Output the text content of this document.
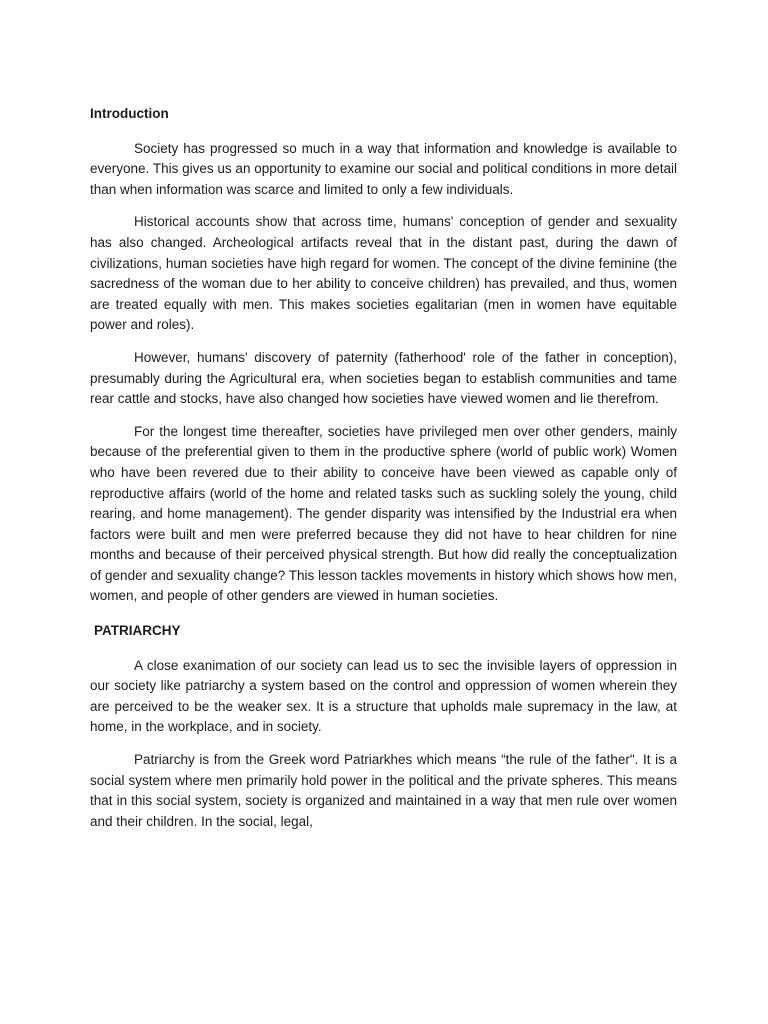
Introduction

Society has progressed so much in a way that information and knowledge is available to everyone. This gives us an opportunity to examine our social and political conditions in more detail than when information was scarce and limited to only a few individuals.

Historical accounts show that across time, humans' conception of gender and sexuality has also changed. Archeological artifacts reveal that in the distant past, during the dawn of civilizations, human societies have high regard for women. The concept of the divine feminine (the sacredness of the woman due to her ability to conceive children) has prevailed, and thus, women are treated equally with men. This makes societies egalitarian (men in women have equitable power and roles).

However, humans' discovery of paternity (fatherhood' role of the father in conception), presumably during the Agricultural era, when societies began to establish communities and tame rear cattle and stocks, have also changed how societies have viewed women and lie therefrom.

For the longest time thereafter, societies have privileged men over other genders, mainly because of the preferential given to them in the productive sphere (world of public work) Women who have been revered due to their ability to conceive have been viewed as capable only of reproductive affairs (world of the home and related tasks such as suckling solely the young, child rearing, and home management). The gender disparity was intensified by the Industrial era when factors were built and men were preferred because they did not have to hear children for nine months and because of their perceived physical strength. But how did really the conceptualization of gender and sexuality change? This lesson tackles movements in history which shows how men, women, and people of other genders are viewed in human societies.

PATRIARCHY

A close exanimation of our society can lead us to sec the invisible layers of oppression in our society like patriarchy a system based on the control and oppression of women wherein they are perceived to be the weaker sex. It is a structure that upholds male supremacy in the law, at home, in the workplace, and in society.

Patriarchy is from the Greek word Patriarkhes which means “the rule of the father". It is a social system where men primarily hold power in the political and the private spheres. This means that in this social system, society is organized and maintained in a way that men rule over women and their children. In the social, legal,
